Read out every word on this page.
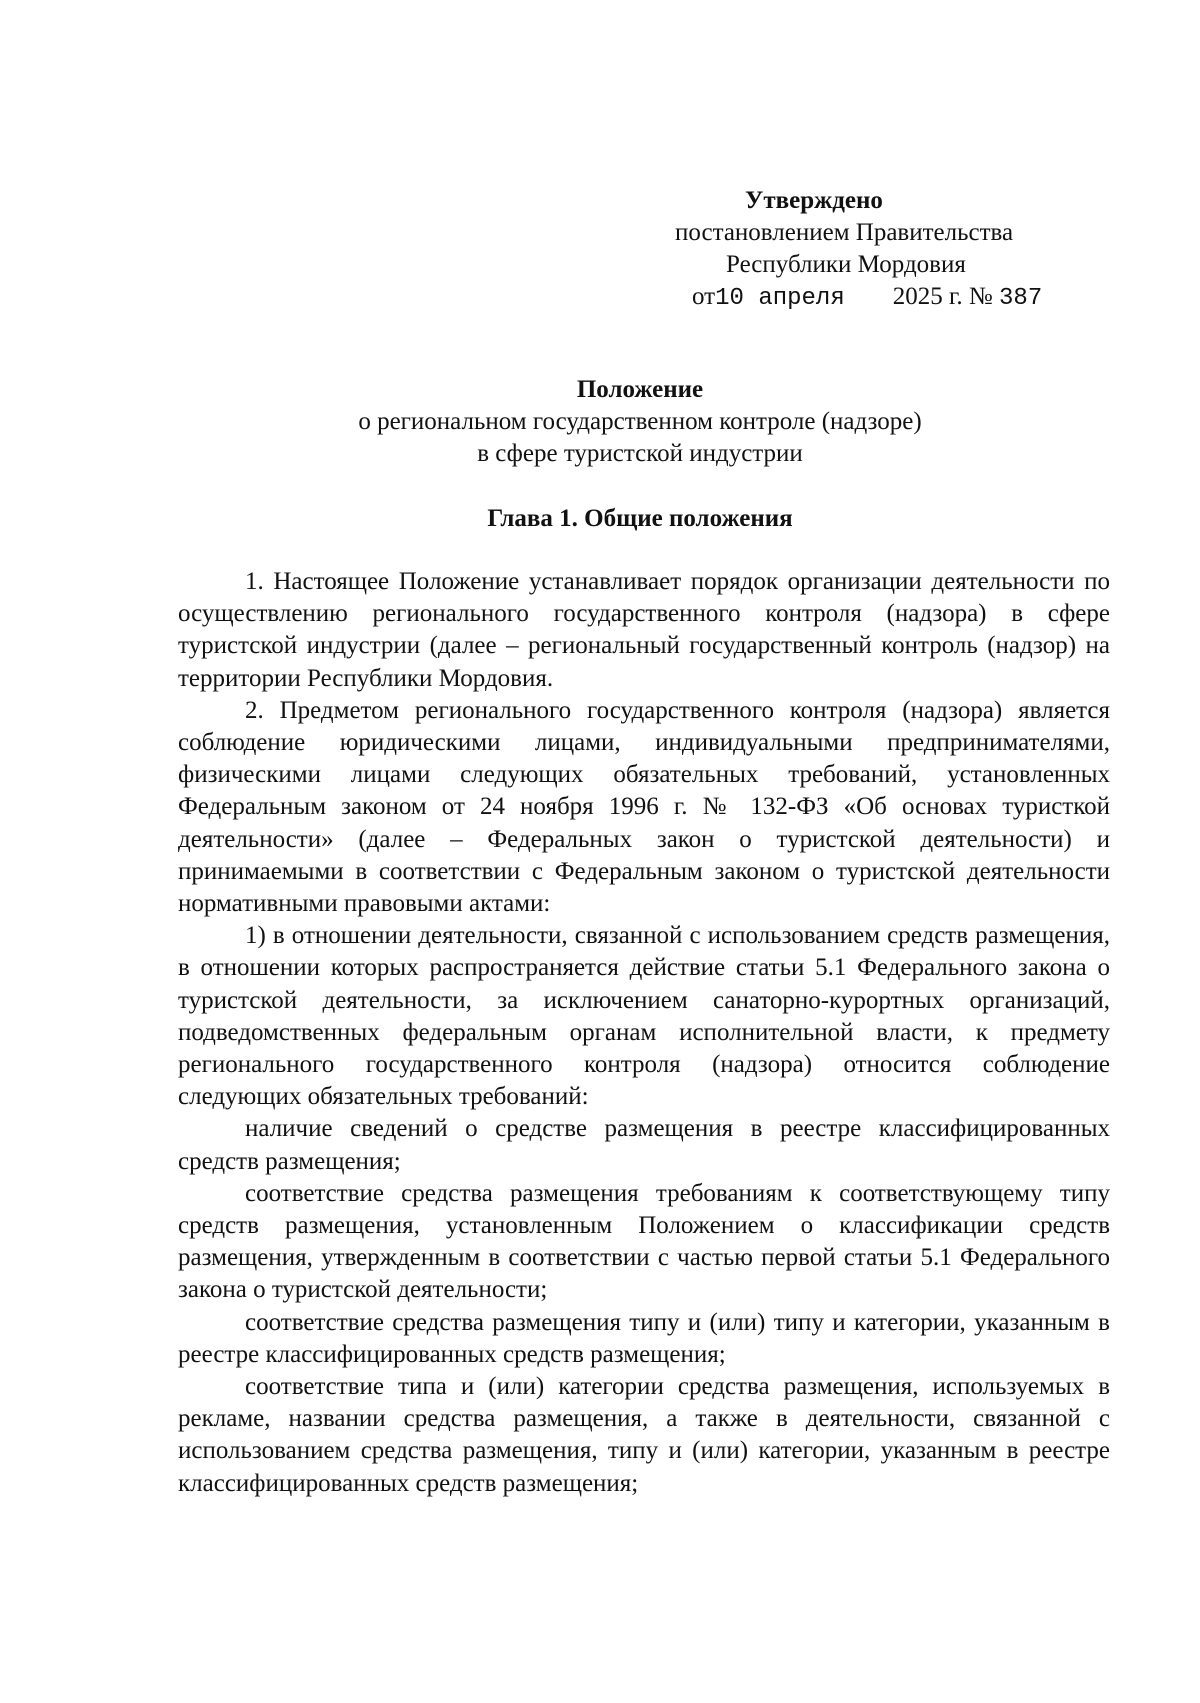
Утверждено
постановлением Правительства
Республики Мордовия
от10 апреля 2025 г. № 387
Положение
о региональном государственном контроле (надзоре)
в сфере туристской индустрии
Глава 1. Общие положения

1. Настоящее Положение устанавливает порядок организации деятельности по осуществлению регионального государственного контроля (надзора) в сфере туристской индустрии (далее – региональный государственный контроль (надзор) на территории Республики Мордовия.

2. Предметом регионального государственного контроля (надзора) является соблюдение юридическими лицами, индивидуальными предпринимателями, физическими лицами следующих обязательных требований, установленных Федеральным законом от 24 ноября 1996 г. № 132-ФЗ «Об основах туристкой деятельности» (далее – Федеральных закон о туристской деятельности) и принимаемыми в соответствии с Федеральным законом о туристской деятельности нормативными правовыми актами:

1) в отношении деятельности, связанной с использованием средств размещения, в отношении которых распространяется действие статьи 5.1 Федерального закона о туристской деятельности, за исключением санаторно-курортных организаций, подведомственных федеральным органам исполнительной власти, к предмету регионального государственного контроля (надзора) относится соблюдение следующих обязательных требований:

наличие сведений о средстве размещения в реестре классифицированных средств размещения;

соответствие средства размещения требованиям к соответствующему типу средств размещения, установленным Положением о классификации средств размещения, утвержденным в соответствии с частью первой статьи 5.1 Федерального закона о туристской деятельности;

соответствие средства размещения типу и (или) типу и категории, указанным в реестре классифицированных средств размещения;

соответствие типа и (или) категории средства размещения, используемых в рекламе, названии средства размещения, а также в деятельности, связанной с использованием средства размещения, типу и (или) категории, указанным в реестре классифицированных средств размещения;
